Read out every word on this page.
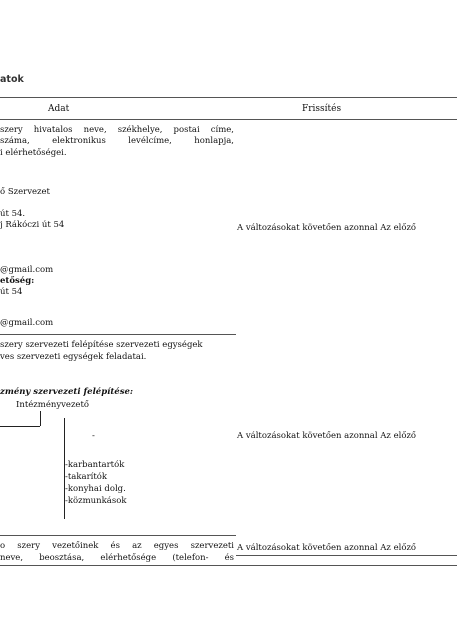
atok
Adat	Frissítés
szery hivatalos neve, székhelye, postai címe,
száma, elektronikus levélcíme, honlapja,
i elérhetőségei.
ő Szervezet
út 54.
j Rákóczi út 54
@gmail.com
etőség:
út 54
@gmail.com
A változásokat követően azonnal Az előző
szery szervezeti felépítése szervezeti egységek
ves szervezeti egységek feladatai.
zmény szervezeti felépítése:
Intézményvezető
-
-karbantartók
-takarítók
-konyhai dolg.
-közmunkások
A változásokat követően azonnal Az előző
o szery vezetőinek és az egyes szervezeti
neve, beosztása, elérhetősége (telefon- és
A változásokat követően azonnal Az előző
